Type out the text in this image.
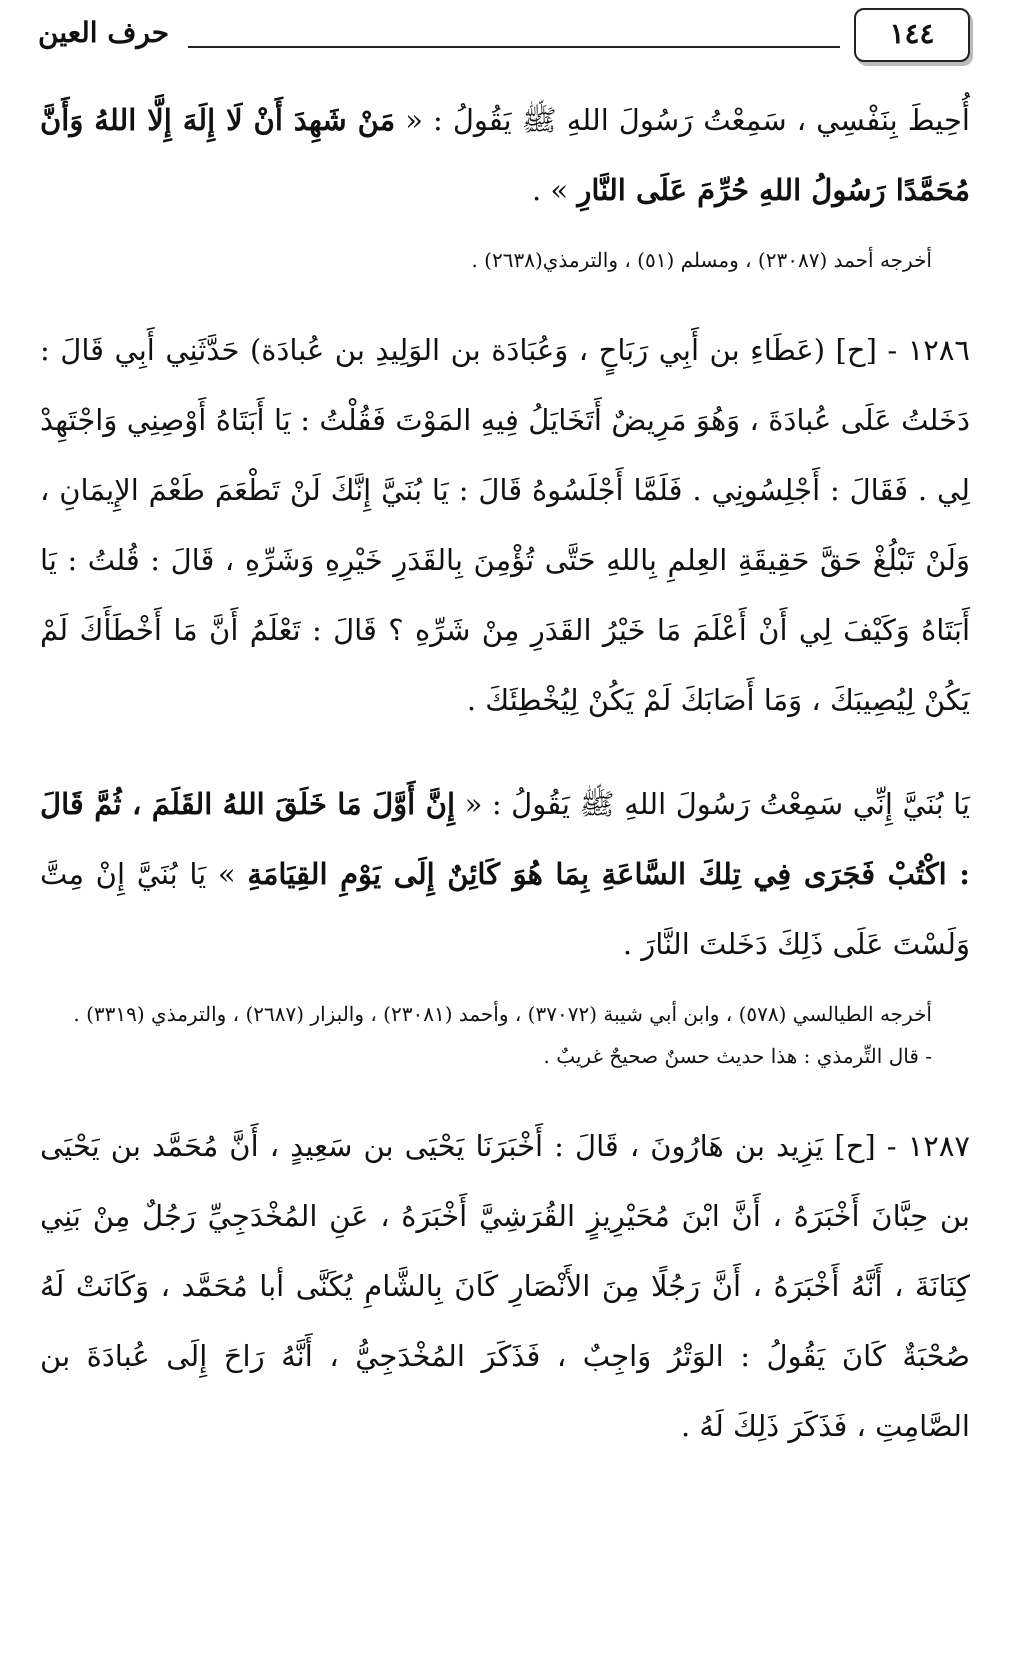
١٤٤
حرف العين

أُحِيطَ بِنَفْسِي ، سَمِعْتُ رَسُولَ اللهِ ﷺ يَقُولُ : « مَنْ شَهِدَ أَنْ لَا إِلَهَ إِلَّا اللهُ وَأَنَّ مُحَمَّدًا رَسُولُ اللهِ حُرِّمَ عَلَى النَّارِ » .

أخرجه أحمد (٢٣٠٨٧) ، ومسلم (٥١) ، والترمذي(٢٦٣٨) .

١٢٨٦ - [ح] (عَطَاءِ بن أَبِي رَبَاحٍ ، وَعُبَادَة بن الوَلِيدِ بن عُبادَة) حَدَّثَنِي أَبِي قَالَ : دَخَلتُ عَلَى عُبادَةَ ، وَهُوَ مَرِيضٌ أَتَخَايَلُ فِيهِ المَوْتَ فَقُلْتُ : يَا أَبَتَاهُ أَوْصِنِي وَاجْتَهِدْ لِي . فَقَالَ : أَجْلِسُونِي . فَلَمَّا أَجْلَسُوهُ قَالَ : يَا بُنَيَّ إِنَّكَ لَنْ تَطْعَمَ طَعْمَ الإِيمَانِ ، وَلَنْ تَبْلُغْ حَقَّ حَقِيقَةِ العِلمِ بِاللهِ حَتَّى تُؤْمِنَ بِالقَدَرِ خَيْرِهِ وَشَرِّهِ ، قَالَ : قُلتُ : يَا أَبَتَاهُ وَكَيْفَ لِي أَنْ أَعْلَمَ مَا خَيْرُ القَدَرِ مِنْ شَرِّهِ ؟ قَالَ : تَعْلَمُ أَنَّ مَا أَخْطَأَكَ لَمْ يَكُنْ لِيُصِيبَكَ ، وَمَا أَصَابَكَ لَمْ يَكُنْ لِيُخْطِئَكَ .

يَا بُنَيَّ إِنِّي سَمِعْتُ رَسُولَ اللهِ ﷺ يَقُولُ : « إِنَّ أَوَّلَ مَا خَلَقَ اللهُ القَلَمَ ، ثُمَّ قَالَ : اكْتُبْ فَجَرَى فِي تِلكَ السَّاعَةِ بِمَا هُوَ كَائِنٌ إِلَى يَوْمِ القِيَامَةِ » يَا بُنَيَّ إِنْ مِتَّ وَلَسْتَ عَلَى ذَلِكَ دَخَلتَ النَّارَ .

أخرجه الطيالسي (٥٧٨) ، وابن أبي شيبة (٣٧٠٧٢) ، وأحمد (٢٣٠٨١) ، والبزار (٢٦٨٧) ، والترمذي (٣٣١٩) .

- قال التِّرمذي : هذا حديث حسنٌ صحيحٌ غريبٌ .

١٢٨٧ - [ح] يَزِيد بن هَارُونَ ، قَالَ : أَخْبَرَنَا يَحْيَى بن سَعِيدٍ ، أَنَّ مُحَمَّد بن يَحْيَى بن حِبَّانَ أَخْبَرَهُ ، أَنَّ ابْنَ مُحَيْرِيزٍ القُرَشِيَّ أَخْبَرَهُ ، عَنِ المُخْدَجِيِّ رَجُلٌ مِنْ بَنِي كِنَانَةَ ، أَنَّهُ أَخْبَرَهُ ، أَنَّ رَجُلًا مِنَ الأَنْصَارِ كَانَ بِالشَّامِ يُكَنَّى أبا مُحَمَّد ، وَكَانَتْ لَهُ صُحْبَةٌ كَانَ يَقُولُ : الوَتْرُ وَاجِبٌ ، فَذَكَرَ المُخْدَجِيُّ ، أَنَّهُ رَاحَ إِلَى عُبادَةَ بن الصَّامِتِ ، فَذَكَرَ ذَلِكَ لَهُ .
